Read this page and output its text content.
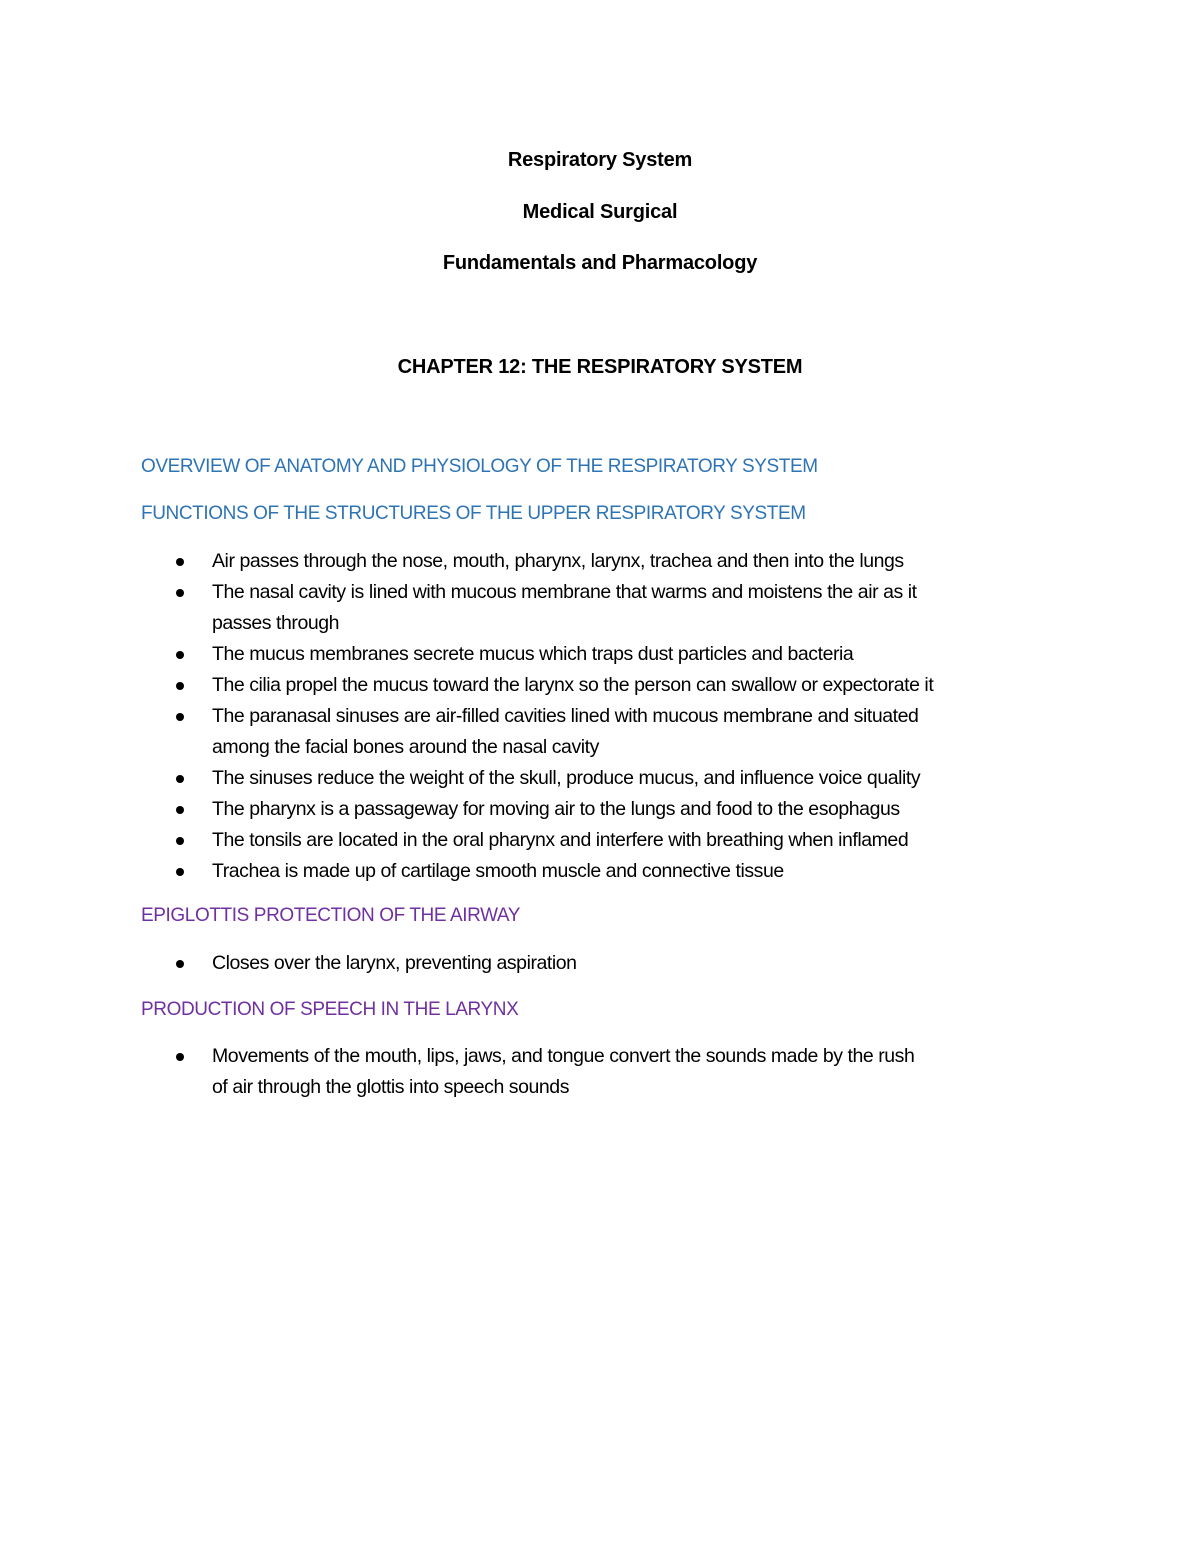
Respiratory System
Medical Surgical
Fundamentals and Pharmacology
CHAPTER 12: THE RESPIRATORY SYSTEM
OVERVIEW OF ANATOMY AND PHYSIOLOGY OF THE RESPIRATORY SYSTEM
FUNCTIONS OF THE STRUCTURES OF THE UPPER RESPIRATORY SYSTEM
Air passes through the nose, mouth, pharynx, larynx, trachea and then into the lungs
The nasal cavity is lined with mucous membrane that warms and moistens the air as it
passes through
The mucus membranes secrete mucus which traps dust particles and bacteria
The cilia propel the mucus toward the larynx so the person can swallow or expectorate it
The paranasal sinuses are air-filled cavities lined with mucous membrane and situated
among the facial bones around the nasal cavity
The sinuses reduce the weight of the skull, produce mucus, and influence voice quality
The pharynx is a passageway for moving air to the lungs and food to the esophagus
The tonsils are located in the oral pharynx and interfere with breathing when inflamed
Trachea is made up of cartilage smooth muscle and connective tissue
EPIGLOTTIS PROTECTION OF THE AIRWAY
Closes over the larynx, preventing aspiration
PRODUCTION OF SPEECH IN THE LARYNX
Movements of the mouth, lips, jaws, and tongue convert the sounds made by the rush
of air through the glottis into speech sounds
